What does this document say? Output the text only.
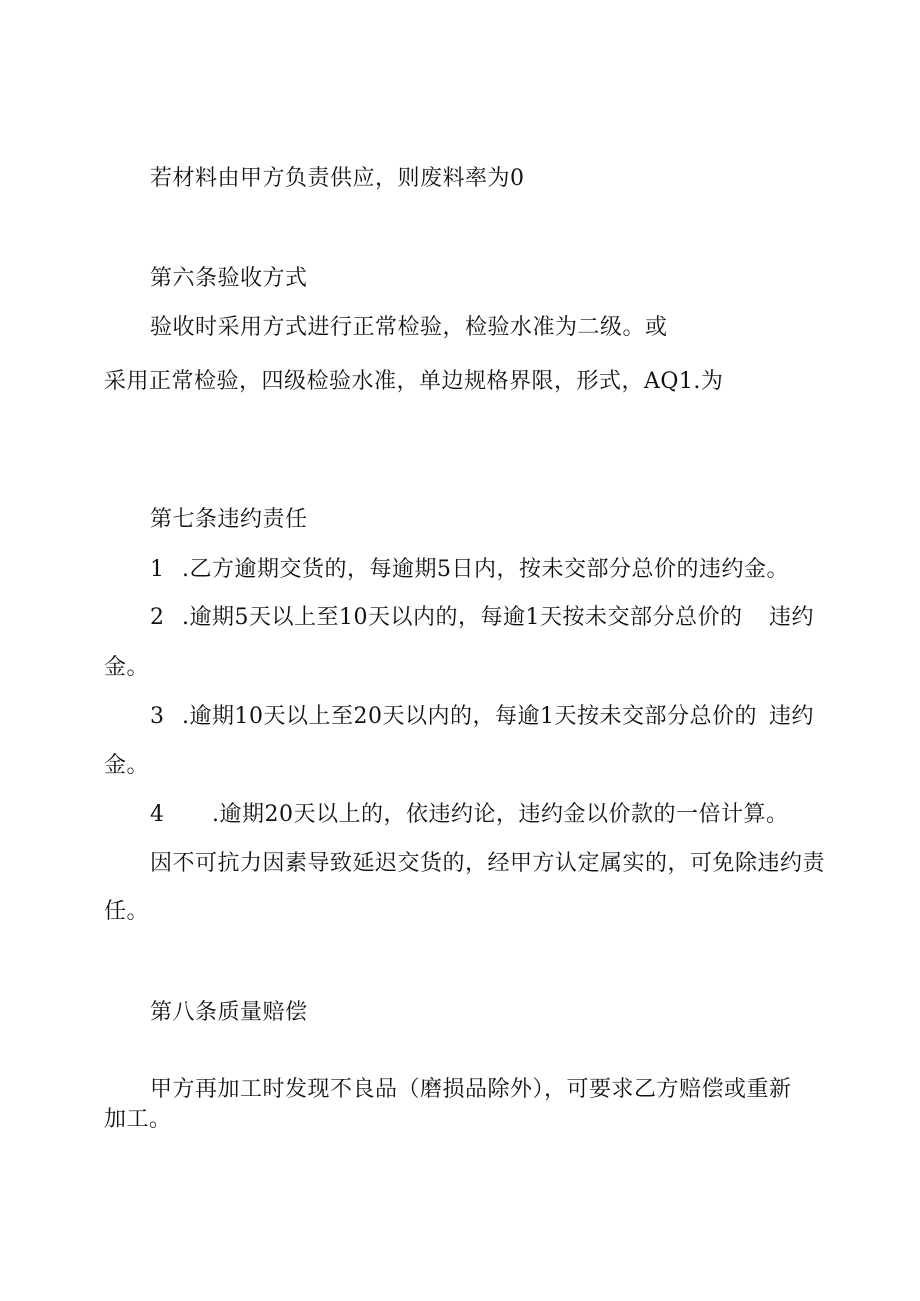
若材料由甲方负责供应，则废料率为0
第六条验收方式
验收时采用方式进行正常检验，检验水准为二级。或
采用正常检验，四级检验水准，单边规格界限，形式，AQ1.为
第七条违约责任
1 .乙方逾期交货的，每逾期5日内，按未交部分总价的违约金。
2 .逾期5天以上至10天以内的，每逾1天按未交部分总价的 违约
金。
3 .逾期10天以上至20天以内的，每逾1天按未交部分总价的 违约
金。
4 .逾期20天以上的，依违约论，违约金以价款的一倍计算。
因不可抗力因素导致延迟交货的，经甲方认定属实的，可免除违约责
任。
第八条质量赔偿
甲方再加工时发现不良品（磨损品除外），可要求乙方赔偿或重新
加工。
